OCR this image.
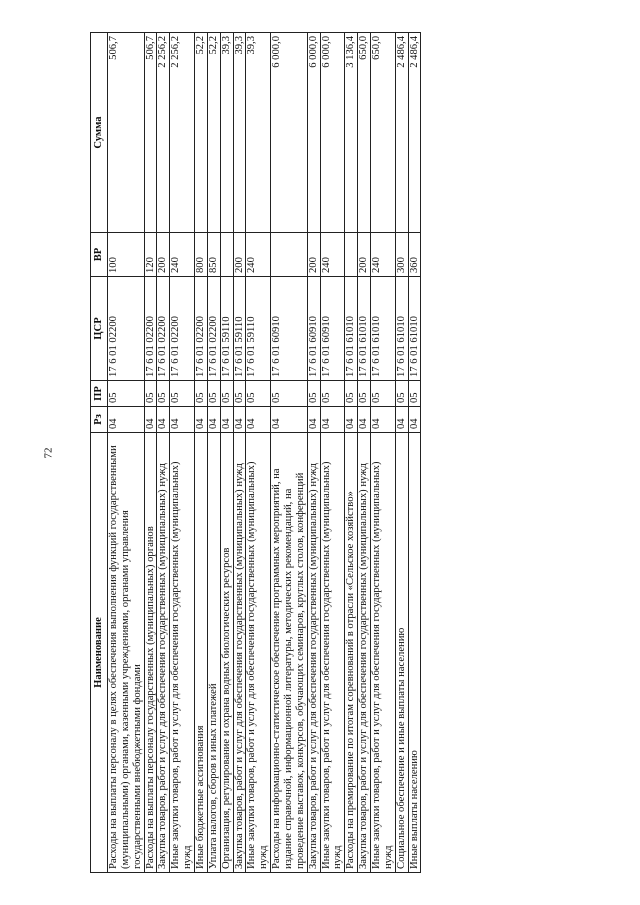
72
Наименование	Рз	ПР	ЦСР	ВР	Сумма
Расходы на выплаты персоналу в целях обеспечения выполнения функций государственными (муниципальными) органами, казенными учреждениями, органами управления государственными внебюджетными фондами	04	05	17 6 01 02200	100	506,7
Расходы на выплаты персоналу государственных (муниципальных) органов	04	05	17 6 01 02200	120	506,7
Закупка товаров, работ и услуг для обеспечения государственных (муниципальных) нужд	04	05	17 6 01 02200	200	2 256,2
Иные закупки товаров, работ и услуг для обеспечения государственных (муниципальных) нужд	04	05	17 6 01 02200	240	2 256,2
Иные бюджетные ассигнования	04	05	17 6 01 02200	800	52,2
Уплата налогов, сборов и иных платежей	04	05	17 6 01 02200	850	52,2
Организация, регулирование и охрана водных биологических ресурсов	04	05	17 6 01 59110		39,3
Закупка товаров, работ и услуг для обеспечения государственных (муниципальных) нужд	04	05	17 6 01 59110	200	39,3
Иные закупки товаров, работ и услуг для обеспечения государственных (муниципальных) нужд	04	05	17 6 01 59110	240	39,3
Расходы на информационно-статистическое обеспечение программных мероприятий, на издание справочной, информационной литературы, методических рекомендаций, на проведение выставок, конкурсов, обучающих семинаров, круглых столов, конференций	04	05	17 6 01 60910		6 000,0
Закупка товаров, работ и услуг для обеспечения государственных (муниципальных) нужд	04	05	17 6 01 60910	200	6 000,0
Иные закупки товаров, работ и услуг для обеспечения государственных (муниципальных) нужд	04	05	17 6 01 60910	240	6 000,0
Расходы на премирование по итогам соревнований в отрасли «Сельское хозяйство»	04	05	17 6 01 61010		3 136,4
Закупка товаров, работ и услуг для обеспечения государственных (муниципальных) нужд	04	05	17 6 01 61010	200	650,0
Иные закупки товаров, работ и услуг для обеспечения государственных (муниципальных) нужд	04	05	17 6 01 61010	240	650,0
Социальное обеспечение и иные выплаты населению	04	05	17 6 01 61010	300	2 486,4
Иные выплаты населению	04	05	17 6 01 61010	360	2 486,4
